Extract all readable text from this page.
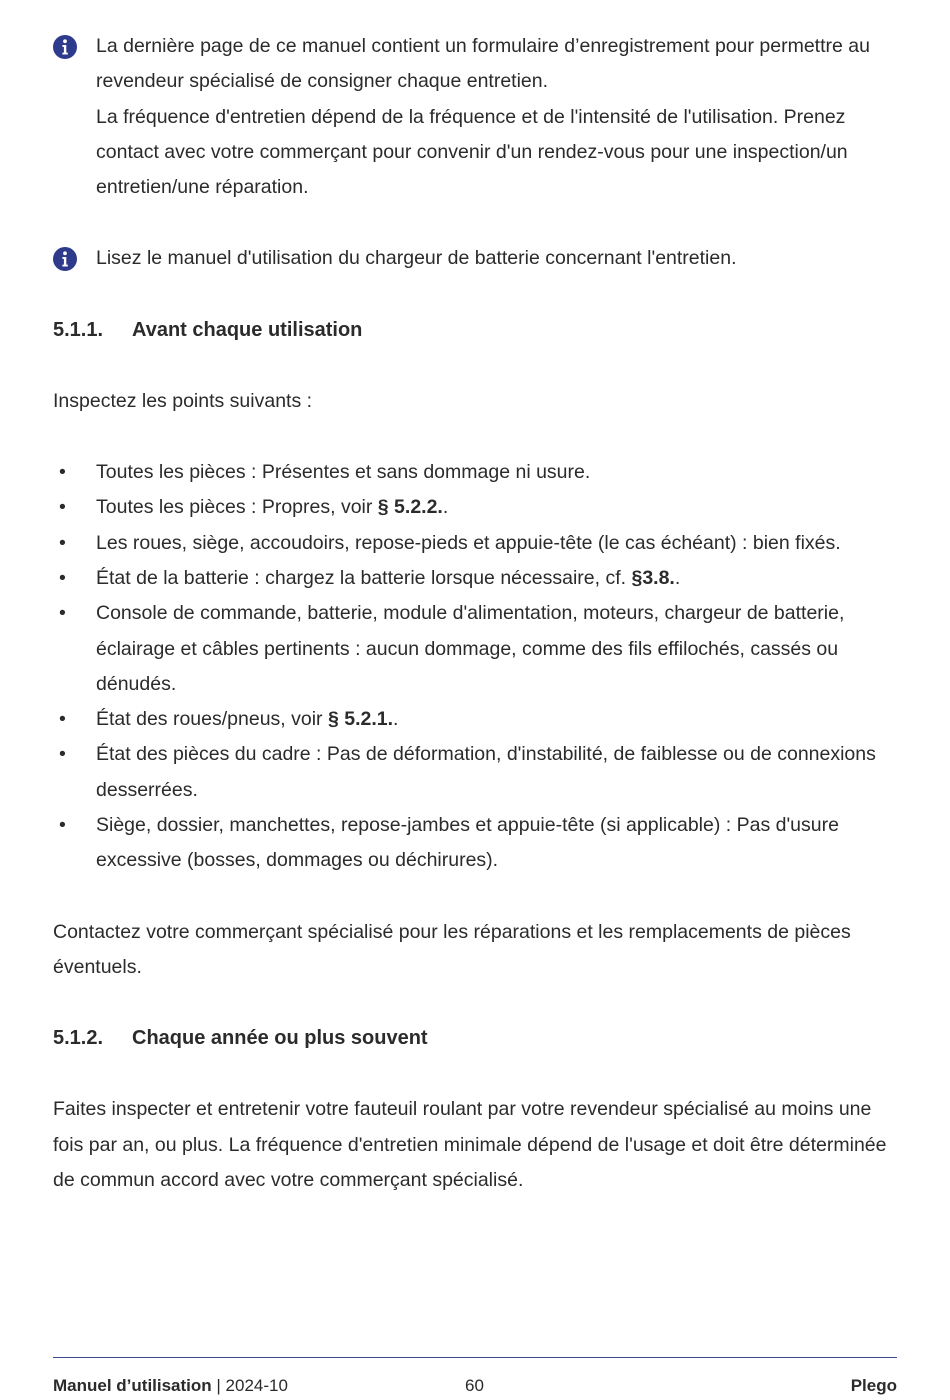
La dernière page de ce manuel contient un formulaire d’enregistrement pour permettre au revendeur spécialisé de consigner chaque entretien.

La fréquence d'entretien dépend de la fréquence et de l'intensité de l'utilisation. Prenez contact avec votre commerçant pour convenir d'un rendez-vous pour une inspection/un entretien/une réparation.

Lisez le manuel d'utilisation du chargeur de batterie concernant l'entretien.

5.1.1.	Avant chaque utilisation

Inspectez les points suivants :

•	Toutes les pièces : Présentes et sans dommage ni usure.
•	Toutes les pièces : Propres, voir § 5.2.2..
•	Les roues, siège, accoudoirs, repose-pieds et appuie-tête (le cas échéant) : bien fixés.
•	État de la batterie : chargez la batterie lorsque nécessaire, cf. §3.8..
•	Console de commande, batterie, module d'alimentation, moteurs, chargeur de batterie, éclairage et câbles pertinents : aucun dommage, comme des fils effilochés, cassés ou dénudés.
•	État des roues/pneus, voir § 5.2.1..
•	État des pièces du cadre : Pas de déformation, d'instabilité, de faiblesse ou de connexions desserrées.
•	Siège, dossier, manchettes, repose-jambes et appuie-tête (si applicable) : Pas d'usure excessive (bosses, dommages ou déchirures).

Contactez votre commerçant spécialisé pour les réparations et les remplacements de pièces éventuels.

5.1.2.	Chaque année ou plus souvent

Faites inspecter et entretenir votre fauteuil roulant par votre revendeur spécialisé au moins une fois par an, ou plus. La fréquence d'entretien minimale dépend de l'usage et doit être déterminée de commun accord avec votre commerçant spécialisé.

Manuel d’utilisation | 2024-10	60	Plego
